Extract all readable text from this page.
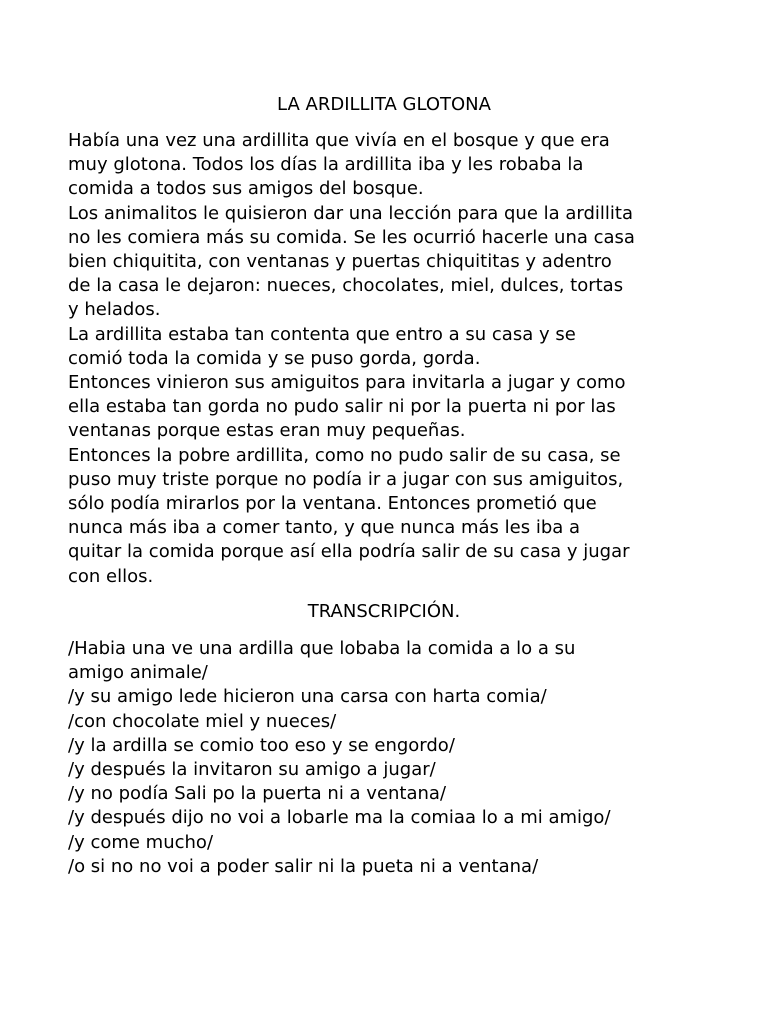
LA ARDILLITA GLOTONA
Había una vez una ardillita que vivía en el bosque y que era
muy glotona. Todos los días la ardillita iba y les robaba la
comida a todos sus amigos del bosque.
Los animalitos le quisieron dar una lección para que la ardillita
no les comiera más su comida. Se les ocurrió hacerle una casa
bien chiquitita, con ventanas y puertas chiquititas y adentro
de la casa le dejaron: nueces, chocolates, miel, dulces, tortas
y helados.
La ardillita estaba tan contenta que entro a su casa y se
comió toda la comida y se puso gorda, gorda.
Entonces vinieron sus amiguitos para invitarla a jugar y como
ella estaba tan gorda no pudo salir ni por la puerta ni por las
ventanas porque estas eran muy pequeñas.
Entonces la pobre ardillita, como no pudo salir de su casa, se
puso muy triste porque no podía ir a jugar con sus amiguitos,
sólo podía mirarlos por la ventana. Entonces prometió que
nunca más iba a comer tanto, y que nunca más les iba a
quitar la comida porque así ella podría salir de su casa y jugar
con ellos.
TRANSCRIPCIÓN.
/Habia una ve una ardilla que lobaba la comida a lo a su
amigo animale/
/y su amigo lede hicieron una carsa con harta comia/
/con chocolate miel y nueces/
/y la ardilla se comio too eso y se engordo/
/y después la invitaron su amigo a jugar/
/y no podía Sali po la puerta ni a ventana/
/y después dijo no voi a lobarle ma la comiaa lo a mi amigo/
/y come mucho/
/o si no no voi a poder salir ni la pueta ni a ventana/
